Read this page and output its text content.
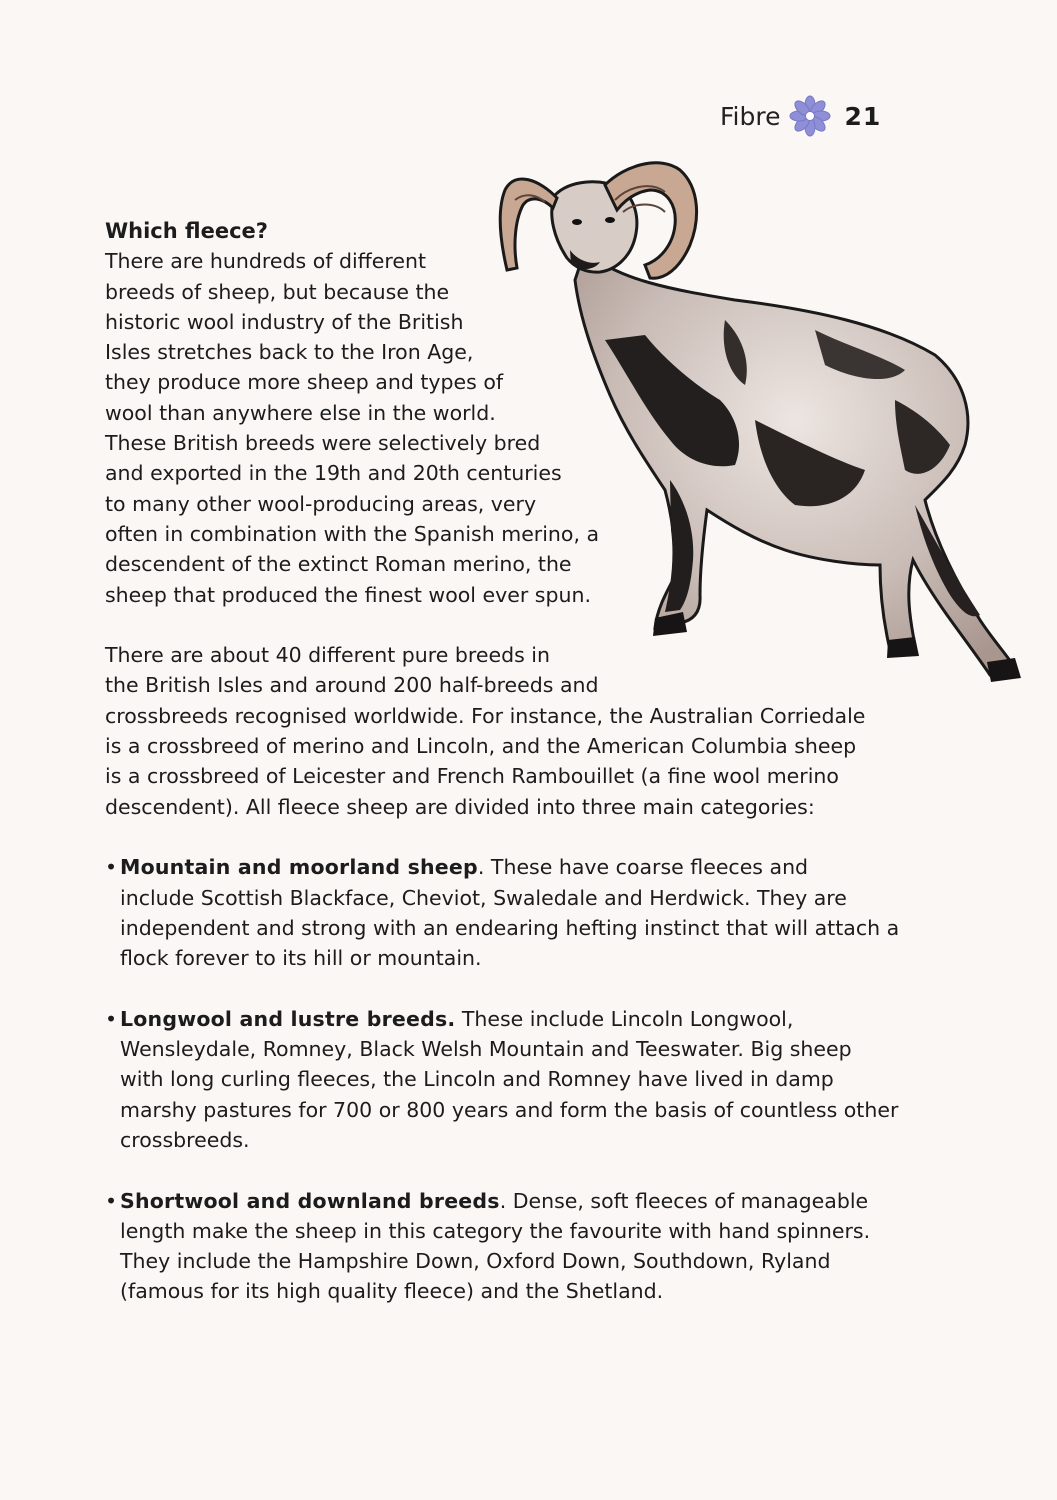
Fibre	21

Which fleece?

There are hundreds of different
breeds of sheep, but because the
historic wool industry of the British
Isles stretches back to the Iron Age,
they produce more sheep and types of
wool than anywhere else in the world.
These British breeds were selectively bred
and exported in the 19th and 20th centuries
to many other wool-producing areas, very
often in combination with the Spanish merino, a
descendent of the extinct Roman merino, the
sheep that produced the finest wool ever spun.

There are about 40 different pure breeds in
the British Isles and around 200 half-breeds and
crossbreeds recognised worldwide. For instance, the Australian Corriedale
is a crossbreed of merino and Lincoln, and the American Columbia sheep
is a crossbreed of Leicester and French Rambouillet (a fine wool merino
descendent). All fleece sheep are divided into three main categories:

• Mountain and moorland sheep. These have coarse fleeces and
include Scottish Blackface, Cheviot, Swaledale and Herdwick. They are
independent and strong with an endearing hefting instinct that will attach a
flock forever to its hill or mountain.
• Longwool and lustre breeds. These include Lincoln Longwool,
Wensleydale, Romney, Black Welsh Mountain and Teeswater. Big sheep
with long curling fleeces, the Lincoln and Romney have lived in damp
marshy pastures for 700 or 800 years and form the basis of countless other
crossbreeds.
• Shortwool and downland breeds. Dense, soft fleeces of manageable
length make the sheep in this category the favourite with hand spinners.
They include the Hampshire Down, Oxford Down, Southdown, Ryland
(famous for its high quality fleece) and the Shetland.
